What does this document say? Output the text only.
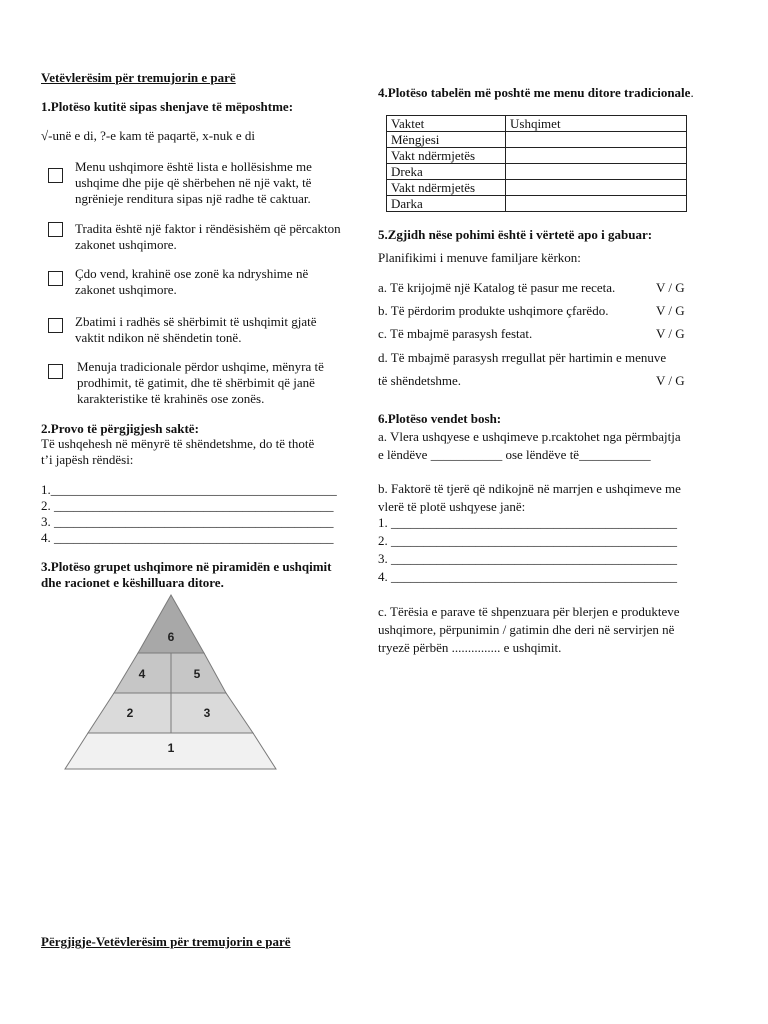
Vetëvlerësim për tremujorin e parë
1.Plotëso kutitë sipas shenjave të mëposhtme:
√-unë e di, ?-e kam të paqartë, x-nuk e di
Menu ushqimore është lista e hollësishme me
ushqime dhe pije që shërbehen në një vakt, të
ngrënieje renditura sipas një radhe të caktuar.
Tradita është një faktor i rëndësishëm që përcakton
zakonet ushqimore.
Çdo vend, krahinë ose zonë ka ndryshime në
zakonet ushqimore.
Zbatimi i radhës së shërbimit të ushqimit gjatë
vaktit ndikon në shëndetin tonë.
Menuja tradicionale përdor ushqime, mënyra të
prodhimit, të gatimit, dhe të shërbimit që janë
karakteristike të krahinës ose zonës.
2.Provo të përgjigjesh saktë:
Të ushqehesh në mënyrë të shëndetshme, do të thotë
t’i japësh rëndësi:
1.____________________________________________
2. ___________________________________________
3. ___________________________________________
4. ___________________________________________
3.Plotëso grupet ushqimore në piramidën e ushqimit
dhe racionet e këshilluara ditore.
6
4	5
2	3
1
4.Plotëso tabelën më poshtë me menu ditore tradicionale.
Vaktet	Ushqimet
Mëngjesi	
Vakt ndërmjetës	
Dreka	
Vakt ndërmjetës	
Darka	
5.Zgjidh nëse pohimi është i vërtetë apo i gabuar:
Planifikimi i menuve familjare kërkon:
a. Të krijojmë një Katalog të pasur me receta.	V / G
b. Të përdorim produkte ushqimore çfarëdo.	V / G
c. Të mbajmë parasysh festat.	V / G
d. Të mbajmë parasysh rregullat për hartimin e menuve
të shëndetshme.	V / G
6.Plotëso vendet bosh:
a. Vlera ushqyese e ushqimeve p.rcaktohet nga përmbajtja
e lëndëve ___________ ose lëndëve të___________
b. Faktorë të tjerë që ndikojnë në marrjen e ushqimeve me
vlerë të plotë ushqyese janë:
1. ____________________________________________
2. ____________________________________________
3. ____________________________________________
4. ____________________________________________
c. Tërësia e parave të shpenzuara për blerjen e produkteve
ushqimore, përpunimin / gatimin dhe deri në servirjen në
tryezë përbën ............... e ushqimit.
Përgjigje-Vetëvlerësim për tremujorin e parë
